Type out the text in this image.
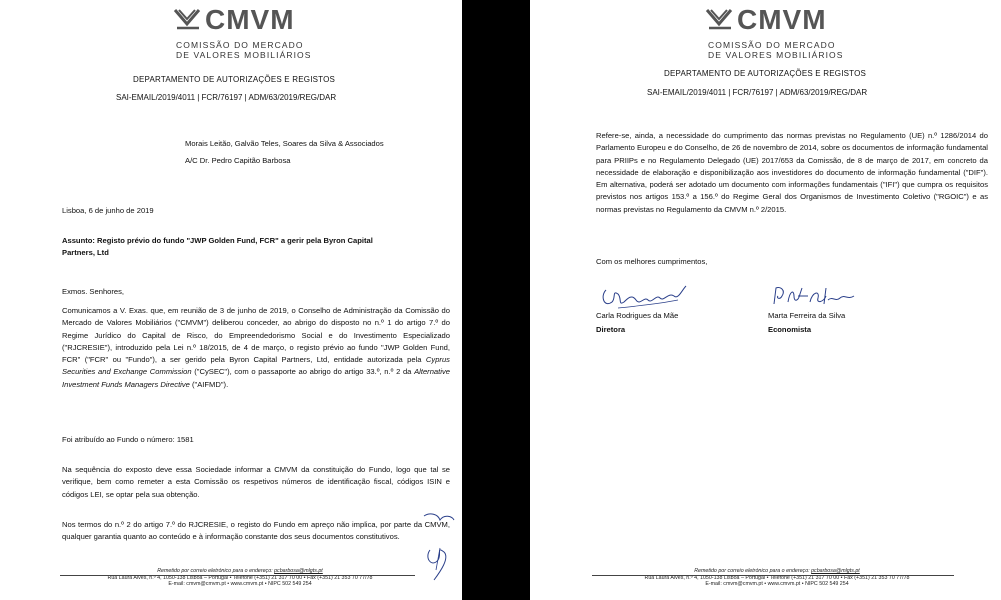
CMVM
COMISSÃO DO MERCADO
DE VALORES MOBILIÁRIOS
DEPARTAMENTO DE AUTORIZAÇÕES E REGISTOS
SAI-EMAIL/2019/4011 | FCR/76197 | ADM/63/2019/REG/DAR
Morais Leitão, Galvão Teles, Soares da Silva & Associados
A/C Dr. Pedro Capitão Barbosa
Lisboa, 6 de junho de 2019
Assunto: Registo prévio do fundo "JWP Golden Fund, FCR" a gerir pela Byron Capital
Partners, Ltd
Exmos. Senhores,
Comunicamos a V. Exas. que, em reunião de 3 de junho de 2019, o Conselho de Administração da Comissão do Mercado de Valores Mobiliários ("CMVM") deliberou conceder, ao abrigo do disposto no n.º 1 do artigo 7.º do Regime Jurídico do Capital de Risco, do Empreendedorismo Social e do Investimento Especializado ("RJCRESIE"), introduzido pela Lei n.º 18/2015, de 4 de março, o registo prévio ao fundo "JWP Golden Fund, FCR" ("FCR" ou "Fundo"), a ser gerido pela Byron Capital Partners, Ltd, entidade autorizada pela Cyprus Securities and Exchange Commission ("CySEC"), com o passaporte ao abrigo do artigo 33.º, n.º 2 da Alternative Investment Funds Managers Directive ("AIFMD").
Foi atribuído ao Fundo o número: 1581
Na sequência do exposto deve essa Sociedade informar a CMVM da constituição do Fundo, logo que tal se verifique, bem como remeter a esta Comissão os respetivos números de identificação fiscal, códigos ISIN e códigos LEI, se optar pela sua obtenção.
Nos termos do n.º 2 do artigo 7.º do RJCRESIE, o registo do Fundo em apreço não implica, por parte da CMVM, qualquer garantia quanto ao conteúdo e à informação constante dos seus documentos constitutivos.
Remetido por correio eletrónico para o endereço: pcbarbosa@mlgts.pt
Rua Laura Alves, n.º 4, 1050-138 Lisboa – Portugal • Telefone (+351) 21 317 70 00 • Fax (+351) 21 353 70 77/78
E-mail: cmvm@cmvm.pt • www.cmvm.pt • NIPC 502 549 254
CMVM
COMISSÃO DO MERCADO
DE VALORES MOBILIÁRIOS
DEPARTAMENTO DE AUTORIZAÇÕES E REGISTOS
SAI-EMAIL/2019/4011 | FCR/76197 | ADM/63/2019/REG/DAR
Refere-se, ainda, a necessidade do cumprimento das normas previstas no Regulamento (UE) n.º 1286/2014 do Parlamento Europeu e do Conselho, de 26 de novembro de 2014, sobre os documentos de informação fundamental para PRIIPs e no Regulamento Delegado (UE) 2017/653 da Comissão, de 8 de março de 2017, em concreto da necessidade de elaboração e disponibilização aos investidores do documento de informação fundamental ("DIF"). Em alternativa, poderá ser adotado um documento com informações fundamentais ("IFI") que cumpra os requisitos previstos nos artigos 153.º a 156.º do Regime Geral dos Organismos de Investimento Coletivo ("RGOIC") e as normas previstas no Regulamento da CMVM n.º 2/2015.
Com os melhores cumprimentos,
Carla Rodrigues da Mãe
Diretora
Marta Ferreira da Silva
Economista
Remetido por correio eletrónico para o endereço: pcbarbosa@mlgts.pt
Rua Laura Alves, n.º 4, 1050-138 Lisboa – Portugal • Telefone (+351) 21 317 70 00 • Fax (+351) 21 353 70 77/78
E-mail: cmvm@cmvm.pt • www.cmvm.pt • NIPC 502 549 254
